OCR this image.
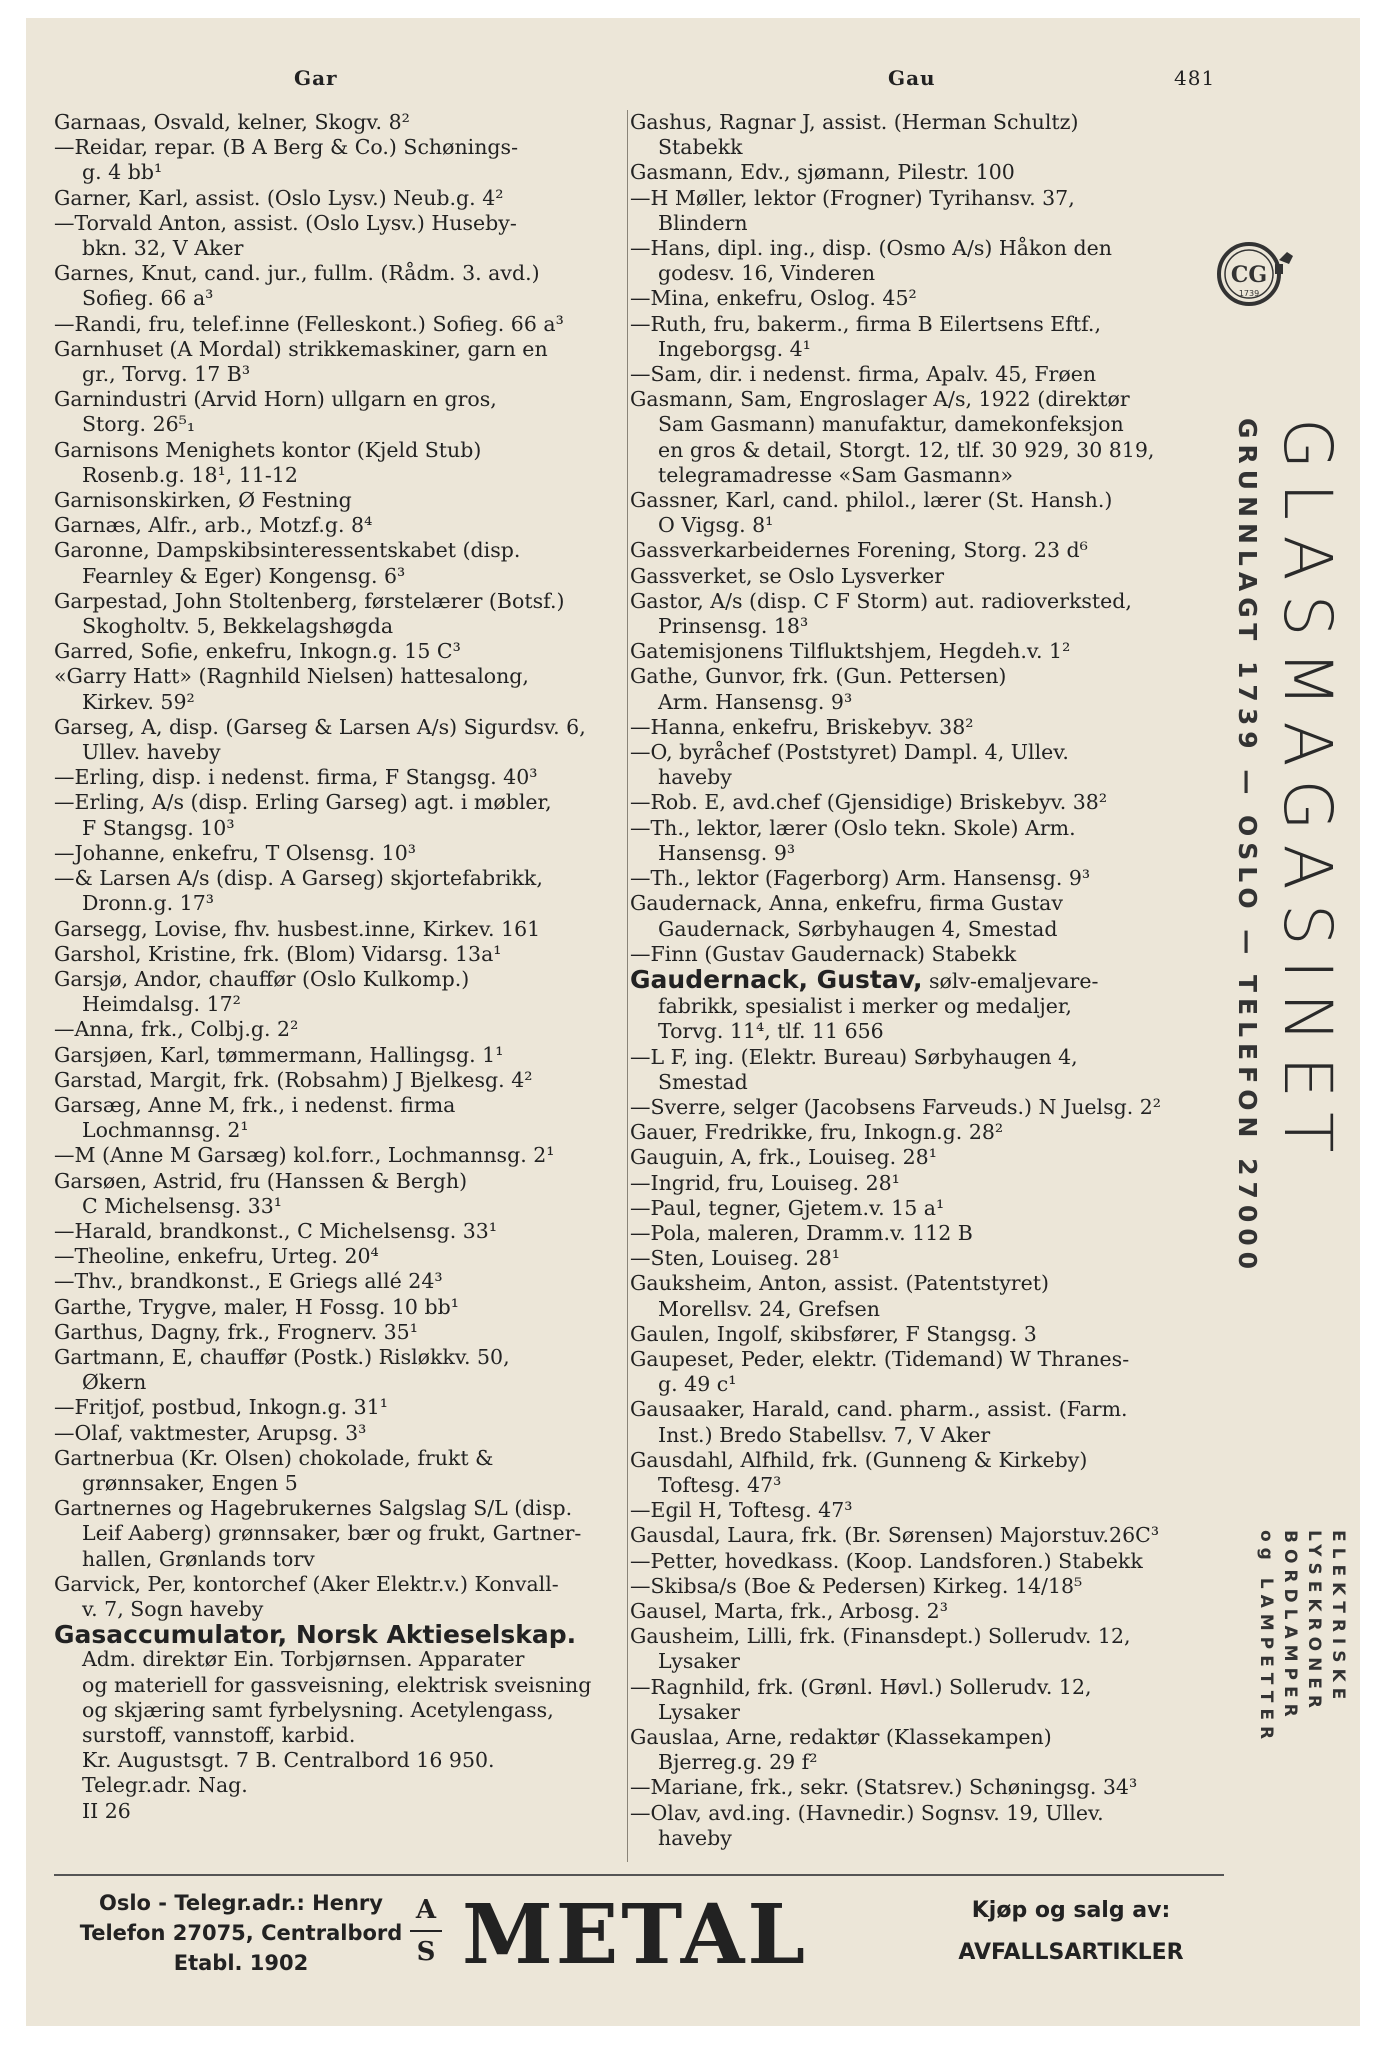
Gar	Gau	481
Garnaas, Osvald, kelner, Skogv. 8²
—Reidar, repar. (B A Berg & Co.) Schønings-
g. 4 bb¹
Garner, Karl, assist. (Oslo Lysv.) Neub.g. 4²
—Torvald Anton, assist. (Oslo Lysv.) Huseby-
bkn. 32, V Aker
Garnes, Knut, cand. jur., fullm. (Rådm. 3. avd.)
Sofieg. 66 a³
—Randi, fru, telef.inne (Felleskont.) Sofieg. 66 a³
Garnhuset (A Mordal) strikkemaskiner, garn en
gr., Torvg. 17 B³
Garnindustri (Arvid Horn) ullgarn en gros,
Storg. 26⁵₁
Garnisons Menighets kontor (Kjeld Stub)
Rosenb.g. 18¹, 11-12
Garnisonskirken, Ø Festning
Garnæs, Alfr., arb., Motzf.g. 8⁴
Garonne, Dampskibsinteressentskabet (disp.
Fearnley & Eger) Kongensg. 6³
Garpestad, John Stoltenberg, førstelærer (Botsf.)
Skogholtv. 5, Bekkelagshøgda
Garred, Sofie, enkefru, Inkogn.g. 15 C³
«Garry Hatt» (Ragnhild Nielsen) hattesalong,
Kirkev. 59²
Garseg, A, disp. (Garseg & Larsen A/s) Sigurdsv. 6,
Ullev. haveby
—Erling, disp. i nedenst. firma, F Stangsg. 40³
—Erling, A/s (disp. Erling Garseg) agt. i møbler,
F Stangsg. 10³
—Johanne, enkefru, T Olsensg. 10³
—& Larsen A/s (disp. A Garseg) skjortefabrikk,
Dronn.g. 17³
Garsegg, Lovise, fhv. husbest.inne, Kirkev. 161
Garshol, Kristine, frk. (Blom) Vidarsg. 13a¹
Garsjø, Andor, chauffør (Oslo Kulkomp.)
Heimdalsg. 17²
—Anna, frk., Colbj.g. 2²
Garsjøen, Karl, tømmermann, Hallingsg. 1¹
Garstad, Margit, frk. (Robsahm) J Bjelkesg. 4²
Garsæg, Anne M, frk., i nedenst. firma
Lochmannsg. 2¹
—M (Anne M Garsæg) kol.forr., Lochmannsg. 2¹
Garsøen, Astrid, fru (Hanssen & Bergh)
C Michelsensg. 33¹
—Harald, brandkonst., C Michelsensg. 33¹
—Theoline, enkefru, Urteg. 20⁴
—Thv., brandkonst., E Griegs allé 24³
Garthe, Trygve, maler, H Fossg. 10 bb¹
Garthus, Dagny, frk., Frognerv. 35¹
Gartmann, E, chauffør (Postk.) Risløkkv. 50,
Økern
—Fritjof, postbud, Inkogn.g. 31¹
—Olaf, vaktmester, Arupsg. 3³
Gartnerbua (Kr. Olsen) chokolade, frukt &
grønnsaker, Engen 5
Gartnernes og Hagebrukernes Salgslag S/L (disp.
Leif Aaberg) grønnsaker, bær og frukt, Gartner-
hallen, Grønlands torv
Garvick, Per, kontorchef (Aker Elektr.v.) Konvall-
v. 7, Sogn haveby
Gasaccumulator, Norsk Aktieselskap.
Adm. direktør Ein. Torbjørnsen. Apparater
og materiell for gassveisning, elektrisk sveisning
og skjæring samt fyrbelysning. Acetylengass,
surstoff, vannstoff, karbid.
Kr. Augustsgt. 7 B. Centralbord 16 950.
Telegr.adr. Nag.
II 26
Gashus, Ragnar J, assist. (Herman Schultz)
Stabekk
Gasmann, Edv., sjømann, Pilestr. 100
—H Møller, lektor (Frogner) Tyrihansv. 37,
Blindern
—Hans, dipl. ing., disp. (Osmo A/s) Håkon den
godesv. 16, Vinderen
—Mina, enkefru, Oslog. 45²
—Ruth, fru, bakerm., firma B Eilertsens Eftf.,
Ingeborgsg. 4¹
—Sam, dir. i nedenst. firma, Apalv. 45, Frøen
Gasmann, Sam, Engroslager A/s, 1922 (direktør
Sam Gasmann) manufaktur, damekonfeksjon
en gros & detail, Storgt. 12, tlf. 30 929, 30 819,
telegramadresse «Sam Gasmann»
Gassner, Karl, cand. philol., lærer (St. Hansh.)
O Vigsg. 8¹
Gassverkarbeidernes Forening, Storg. 23 d⁶
Gassverket, se Oslo Lysverker
Gastor, A/s (disp. C F Storm) aut. radioverksted,
Prinsensg. 18³
Gatemisjonens Tilfluktshjem, Hegdeh.v. 1²
Gathe, Gunvor, frk. (Gun. Pettersen)
Arm. Hansensg. 9³
—Hanna, enkefru, Briskebyv. 38²
—O, byråchef (Poststyret) Dampl. 4, Ullev.
haveby
—Rob. E, avd.chef (Gjensidige) Briskebyv. 38²
—Th., lektor, lærer (Oslo tekn. Skole) Arm.
Hansensg. 9³
—Th., lektor (Fagerborg) Arm. Hansensg. 9³
Gaudernack, Anna, enkefru, firma Gustav
Gaudernack, Sørbyhaugen 4, Smestad
—Finn (Gustav Gaudernack) Stabekk
Gaudernack, Gustav, sølv-emaljevare-
fabrikk, spesialist i merker og medaljer,
Torvg. 11⁴, tlf. 11 656
—L F, ing. (Elektr. Bureau) Sørbyhaugen 4,
Smestad
—Sverre, selger (Jacobsens Farveuds.) N Juelsg. 2²
Gauer, Fredrikke, fru, Inkogn.g. 28²
Gauguin, A, frk., Louiseg. 28¹
—Ingrid, fru, Louiseg. 28¹
—Paul, tegner, Gjetem.v. 15 a¹
—Pola, maleren, Dramm.v. 112 B
—Sten, Louiseg. 28¹
Gauksheim, Anton, assist. (Patentstyret)
Morellsv. 24, Grefsen
Gaulen, Ingolf, skibsfører, F Stangsg. 3
Gaupeset, Peder, elektr. (Tidemand) W Thranes-
g. 49 c¹
Gausaaker, Harald, cand. pharm., assist. (Farm.
Inst.) Bredo Stabellsv. 7, V Aker
Gausdahl, Alfhild, frk. (Gunneng & Kirkeby)
Toftesg. 47³
—Egil H, Toftesg. 47³
Gausdal, Laura, frk. (Br. Sørensen) Majorstuv.26C³
—Petter, hovedkass. (Koop. Landsforen.) Stabekk
—Skibsa/s (Boe & Pedersen) Kirkeg. 14/18⁵
Gausel, Marta, frk., Arbosg. 2³
Gausheim, Lilli, frk. (Finansdept.) Sollerudv. 12,
Lysaker
—Ragnhild, frk. (Grønl. Høvl.) Sollerudv. 12,
Lysaker
Gauslaa, Arne, redaktør (Klassekampen)
Bjerreg.g. 29 f²
—Mariane, frk., sekr. (Statsrev.) Schøningsg. 34³
—Olav, avd.ing. (Havnedir.) Sognsv. 19, Ullev.
haveby
CG
1739
GLASMAGASINET
GRUNNLAGT 1739 — OSLO — TELEFON 27000
ELEKTRISKE
LYSEKRONER
BORDLAMPER
og LAMPETTER
Oslo - Telegr.adr.: Henry
Telefon 27075, Centralbord
Etabl. 1902
A
S METAL	Kjøp og salg av:
AVFALLSARTIKLER
